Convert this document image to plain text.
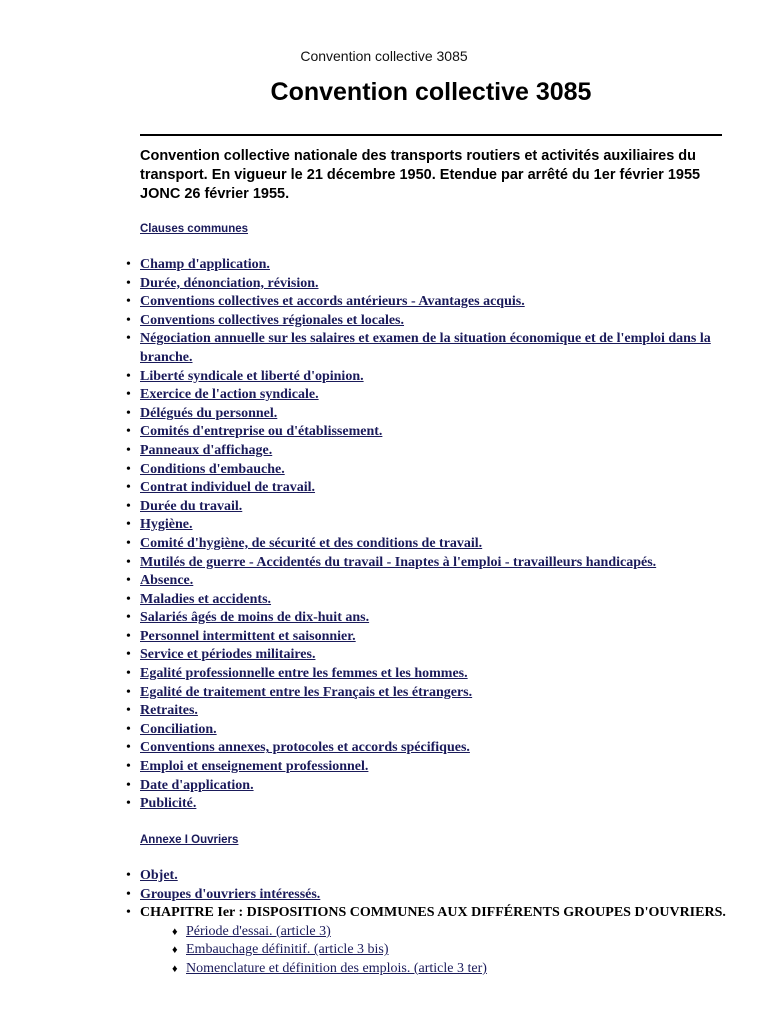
Convention collective 3085
Convention collective 3085
Convention collective nationale des transports routiers et activités auxiliaires du transport. En vigueur le 21 décembre 1950. Etendue par arrêté du 1er février 1955 JONC 26 février 1955.
Clauses communes
• Champ d'application.
• Durée, dénonciation, révision.
• Conventions collectives et accords antérieurs - Avantages acquis.
• Conventions collectives régionales et locales.
• Négociation annuelle sur les salaires et examen de la situation économique et de l'emploi dans la branche.
• Liberté syndicale et liberté d'opinion.
• Exercice de l'action syndicale.
• Délégués du personnel.
• Comités d'entreprise ou d'établissement.
• Panneaux d'affichage.
• Conditions d'embauche.
• Contrat individuel de travail.
• Durée du travail.
• Hygiène.
• Comité d'hygiène, de sécurité et des conditions de travail.
• Mutilés de guerre - Accidentés du travail - Inaptes à l'emploi - travailleurs handicapés.
• Absence.
• Maladies et accidents.
• Salariés âgés de moins de dix-huit ans.
• Personnel intermittent et saisonnier.
• Service et périodes militaires.
• Egalité professionnelle entre les femmes et les hommes.
• Egalité de traitement entre les Français et les étrangers.
• Retraites.
• Conciliation.
• Conventions annexes, protocoles et accords spécifiques.
• Emploi et enseignement professionnel.
• Date d'application.
• Publicité.
Annexe I Ouvriers
• Objet.
• Groupes d'ouvriers intéressés.
• CHAPITRE Ier : DISPOSITIONS COMMUNES AUX DIFFÉRENTS GROUPES D'OUVRIERS.
♦ Période d'essai. (article 3)
♦ Embauchage définitif. (article 3 bis)
♦ Nomenclature et définition des emplois. (article 3 ter)
